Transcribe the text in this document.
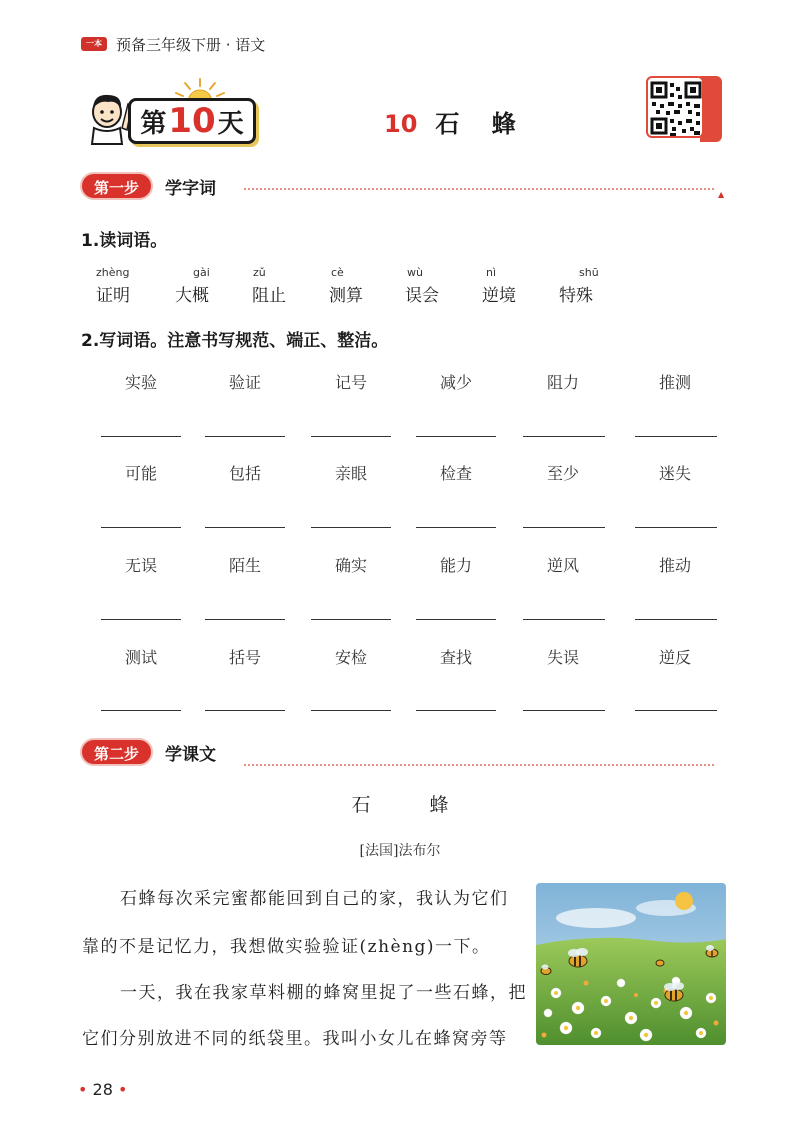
一本 预备三年级下册 · 语文
▲
第 10 天	10 石 蜂
第一步	学字词
1.读词语。
zhèng
证明
gài
大概
zǔ
阻止
cè
测算
wù
误会
nì
逆境
shū
特殊
2.写词语。注意书写规范、端正、整洁。
实验	验证	记号	减少	阻力	推测
可能	包括	亲眼	检查	至少	迷失
无误	陌生	确实	能力	逆风	推动
测试	括号	安检	查找	失误	逆反
第二步	学课文
石　蜂
[法国]法布尔
石蜂每次采完蜜都能回到自己的家，我认为它们
靠的不是记忆力，我想做实验验证(zhèng)一下。
一天，我在我家草料棚的蜂窝里捉了一些石蜂，把
它们分别放进不同的纸袋里。我叫小女儿在蜂窝旁等
• 28 •
